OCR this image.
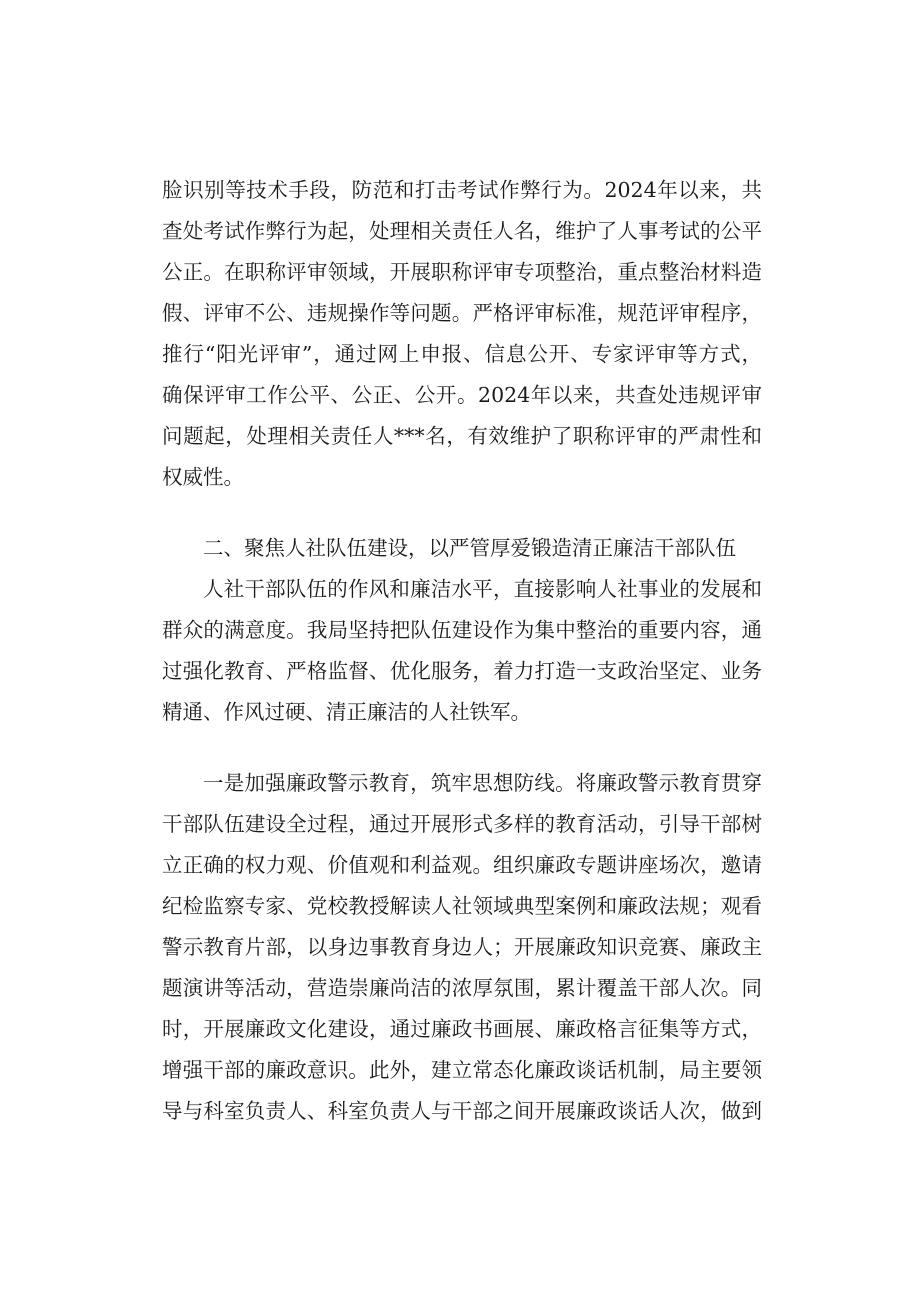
脸识别等技术手段，防范和打击考试作弊行为。2024年以来，共
查处考试作弊行为起，处理相关责任人名，维护了人事考试的公平
公正。在职称评审领域，开展职称评审专项整治，重点整治材料造
假、评审不公、违规操作等问题。严格评审标准，规范评审程序，
推行“阳光评审”，通过网上申报、信息公开、专家评审等方式，
确保评审工作公平、公正、公开。2024年以来，共查处违规评审
问题起，处理相关责任人***名，有效维护了职称评审的严肃性和
权威性。
二、聚焦人社队伍建设，以严管厚爱锻造清正廉洁干部队伍
人社干部队伍的作风和廉洁水平，直接影响人社事业的发展和
群众的满意度。我局坚持把队伍建设作为集中整治的重要内容，通
过强化教育、严格监督、优化服务，着力打造一支政治坚定、业务
精通、作风过硬、清正廉洁的人社铁军。
一是加强廉政警示教育，筑牢思想防线。将廉政警示教育贯穿
干部队伍建设全过程，通过开展形式多样的教育活动，引导干部树
立正确的权力观、价值观和利益观。组织廉政专题讲座场次，邀请
纪检监察专家、党校教授解读人社领域典型案例和廉政法规；观看
警示教育片部，以身边事教育身边人；开展廉政知识竞赛、廉政主
题演讲等活动，营造崇廉尚洁的浓厚氛围，累计覆盖干部人次。同
时，开展廉政文化建设，通过廉政书画展、廉政格言征集等方式，
增强干部的廉政意识。此外，建立常态化廉政谈话机制，局主要领
导与科室负责人、科室负责人与干部之间开展廉政谈话人次，做到
